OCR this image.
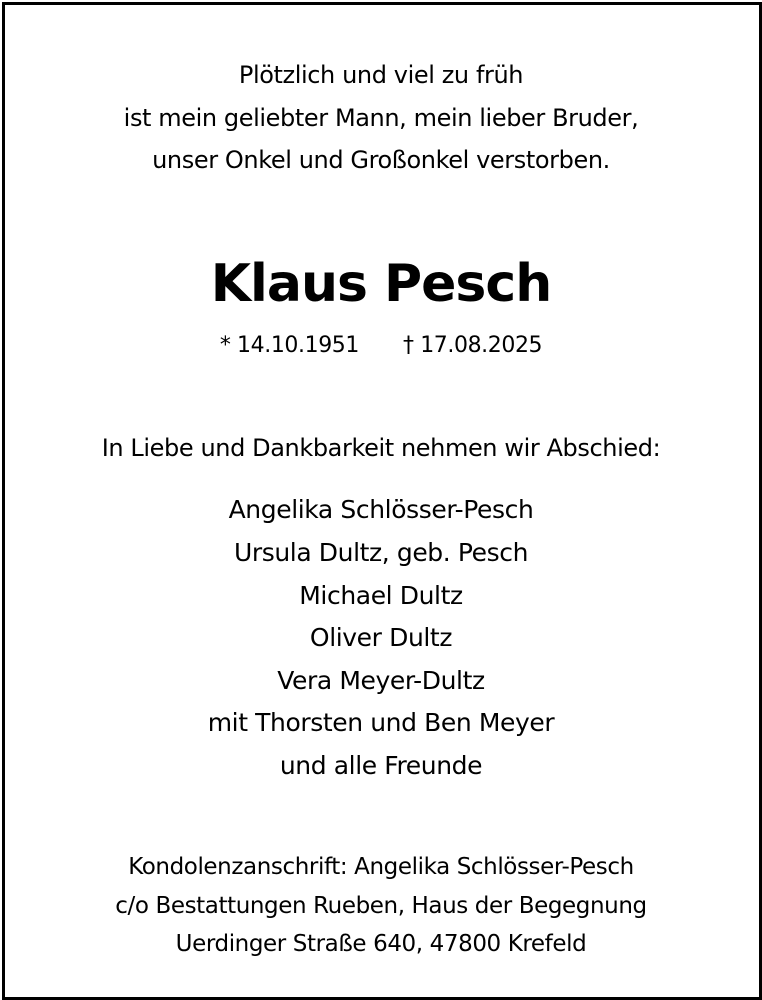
Plötzlich und viel zu früh
ist mein geliebter Mann, mein lieber Bruder,
unser Onkel und Großonkel verstorben.
Klaus Pesch
* 14.10.1951 † 17.08.2025
In Liebe und Dankbarkeit nehmen wir Abschied:
Angelika Schlösser-Pesch
Ursula Dultz, geb. Pesch
Michael Dultz
Oliver Dultz
Vera Meyer-Dultz
mit Thorsten und Ben Meyer
und alle Freunde
Kondolenzanschrift: Angelika Schlösser-Pesch
c/o Bestattungen Rueben, Haus der Begegnung
Uerdinger Straße 640, 47800 Krefeld
